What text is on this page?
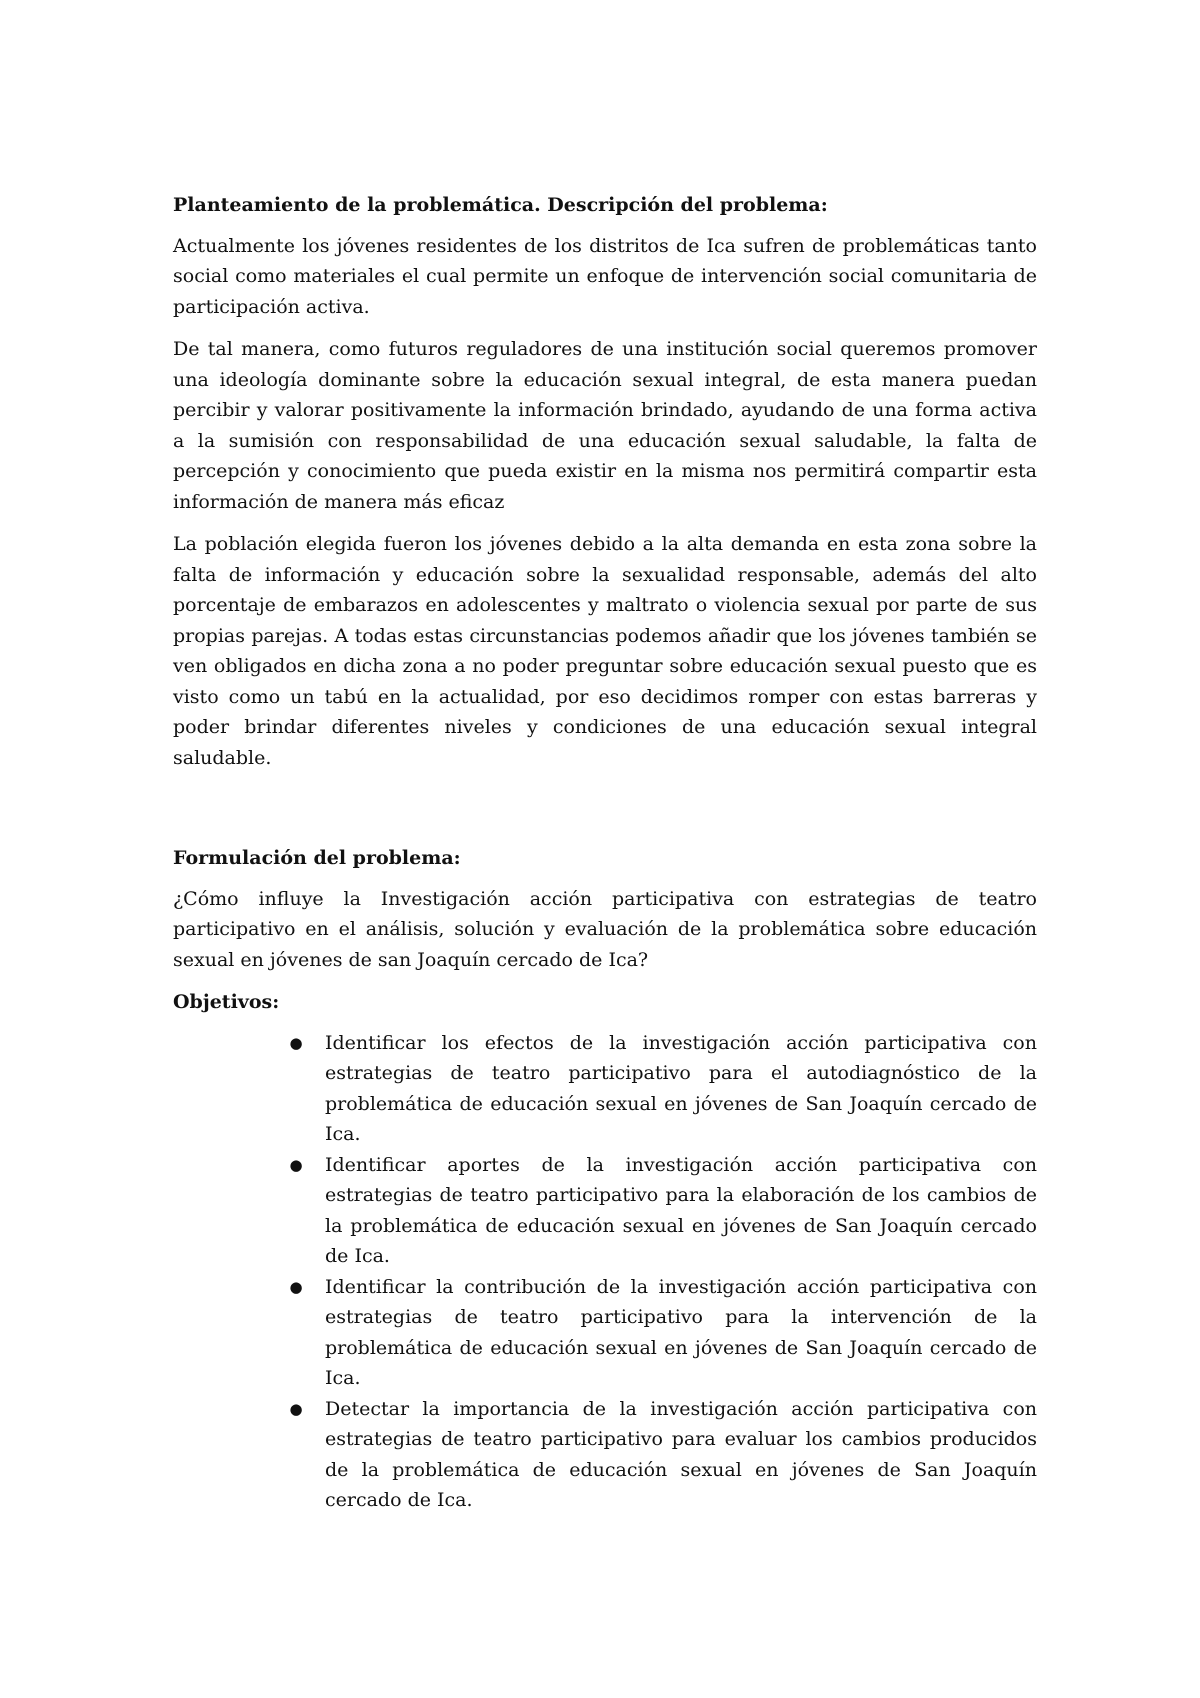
Planteamiento de la problemática. Descripción del problema:

Actualmente los jóvenes residentes de los distritos de Ica sufren de problemáticas tanto social como materiales el cual permite un enfoque de intervención social comunitaria de participación activa.

De tal manera, como futuros reguladores de una institución social queremos promover una ideología dominante sobre la educación sexual integral, de esta manera puedan percibir y valorar positivamente la información brindado, ayudando de una forma activa a la sumisión con responsabilidad de una educación sexual saludable, la falta de percepción y conocimiento que pueda existir en la misma nos permitirá compartir esta información de manera más eficaz

La población elegida fueron los jóvenes debido a la alta demanda en esta zona sobre la falta de información y educación sobre la sexualidad responsable, además del alto porcentaje de embarazos en adolescentes y maltrato o violencia sexual por parte de sus propias parejas. A todas estas circunstancias podemos añadir que los jóvenes también se ven obligados en dicha zona a no poder preguntar sobre educación sexual puesto que es visto como un tabú en la actualidad, por eso decidimos romper con estas barreras y poder brindar diferentes niveles y condiciones de una educación sexual integral saludable.

Formulación del problema:

¿Cómo influye la Investigación acción participativa con estrategias de teatro participativo en el análisis, solución y evaluación de la problemática sobre educación sexual en jóvenes de san Joaquín cercado de Ica?

Objetivos:
● Identificar los efectos de la investigación acción participativa con estrategias de teatro participativo para el autodiagnóstico de la problemática de educación sexual en jóvenes de San Joaquín cercado de Ica.
● Identificar aportes de la investigación acción participativa con estrategias de teatro participativo para la elaboración de los cambios de la problemática de educación sexual en jóvenes de San Joaquín cercado de Ica.
● Identificar la contribución de la investigación acción participativa con estrategias de teatro participativo para la intervención de la problemática de educación sexual en jóvenes de San Joaquín cercado de Ica.
● Detectar la importancia de la investigación acción participativa con estrategias de teatro participativo para evaluar los cambios producidos de la problemática de educación sexual en jóvenes de San Joaquín cercado de Ica.
